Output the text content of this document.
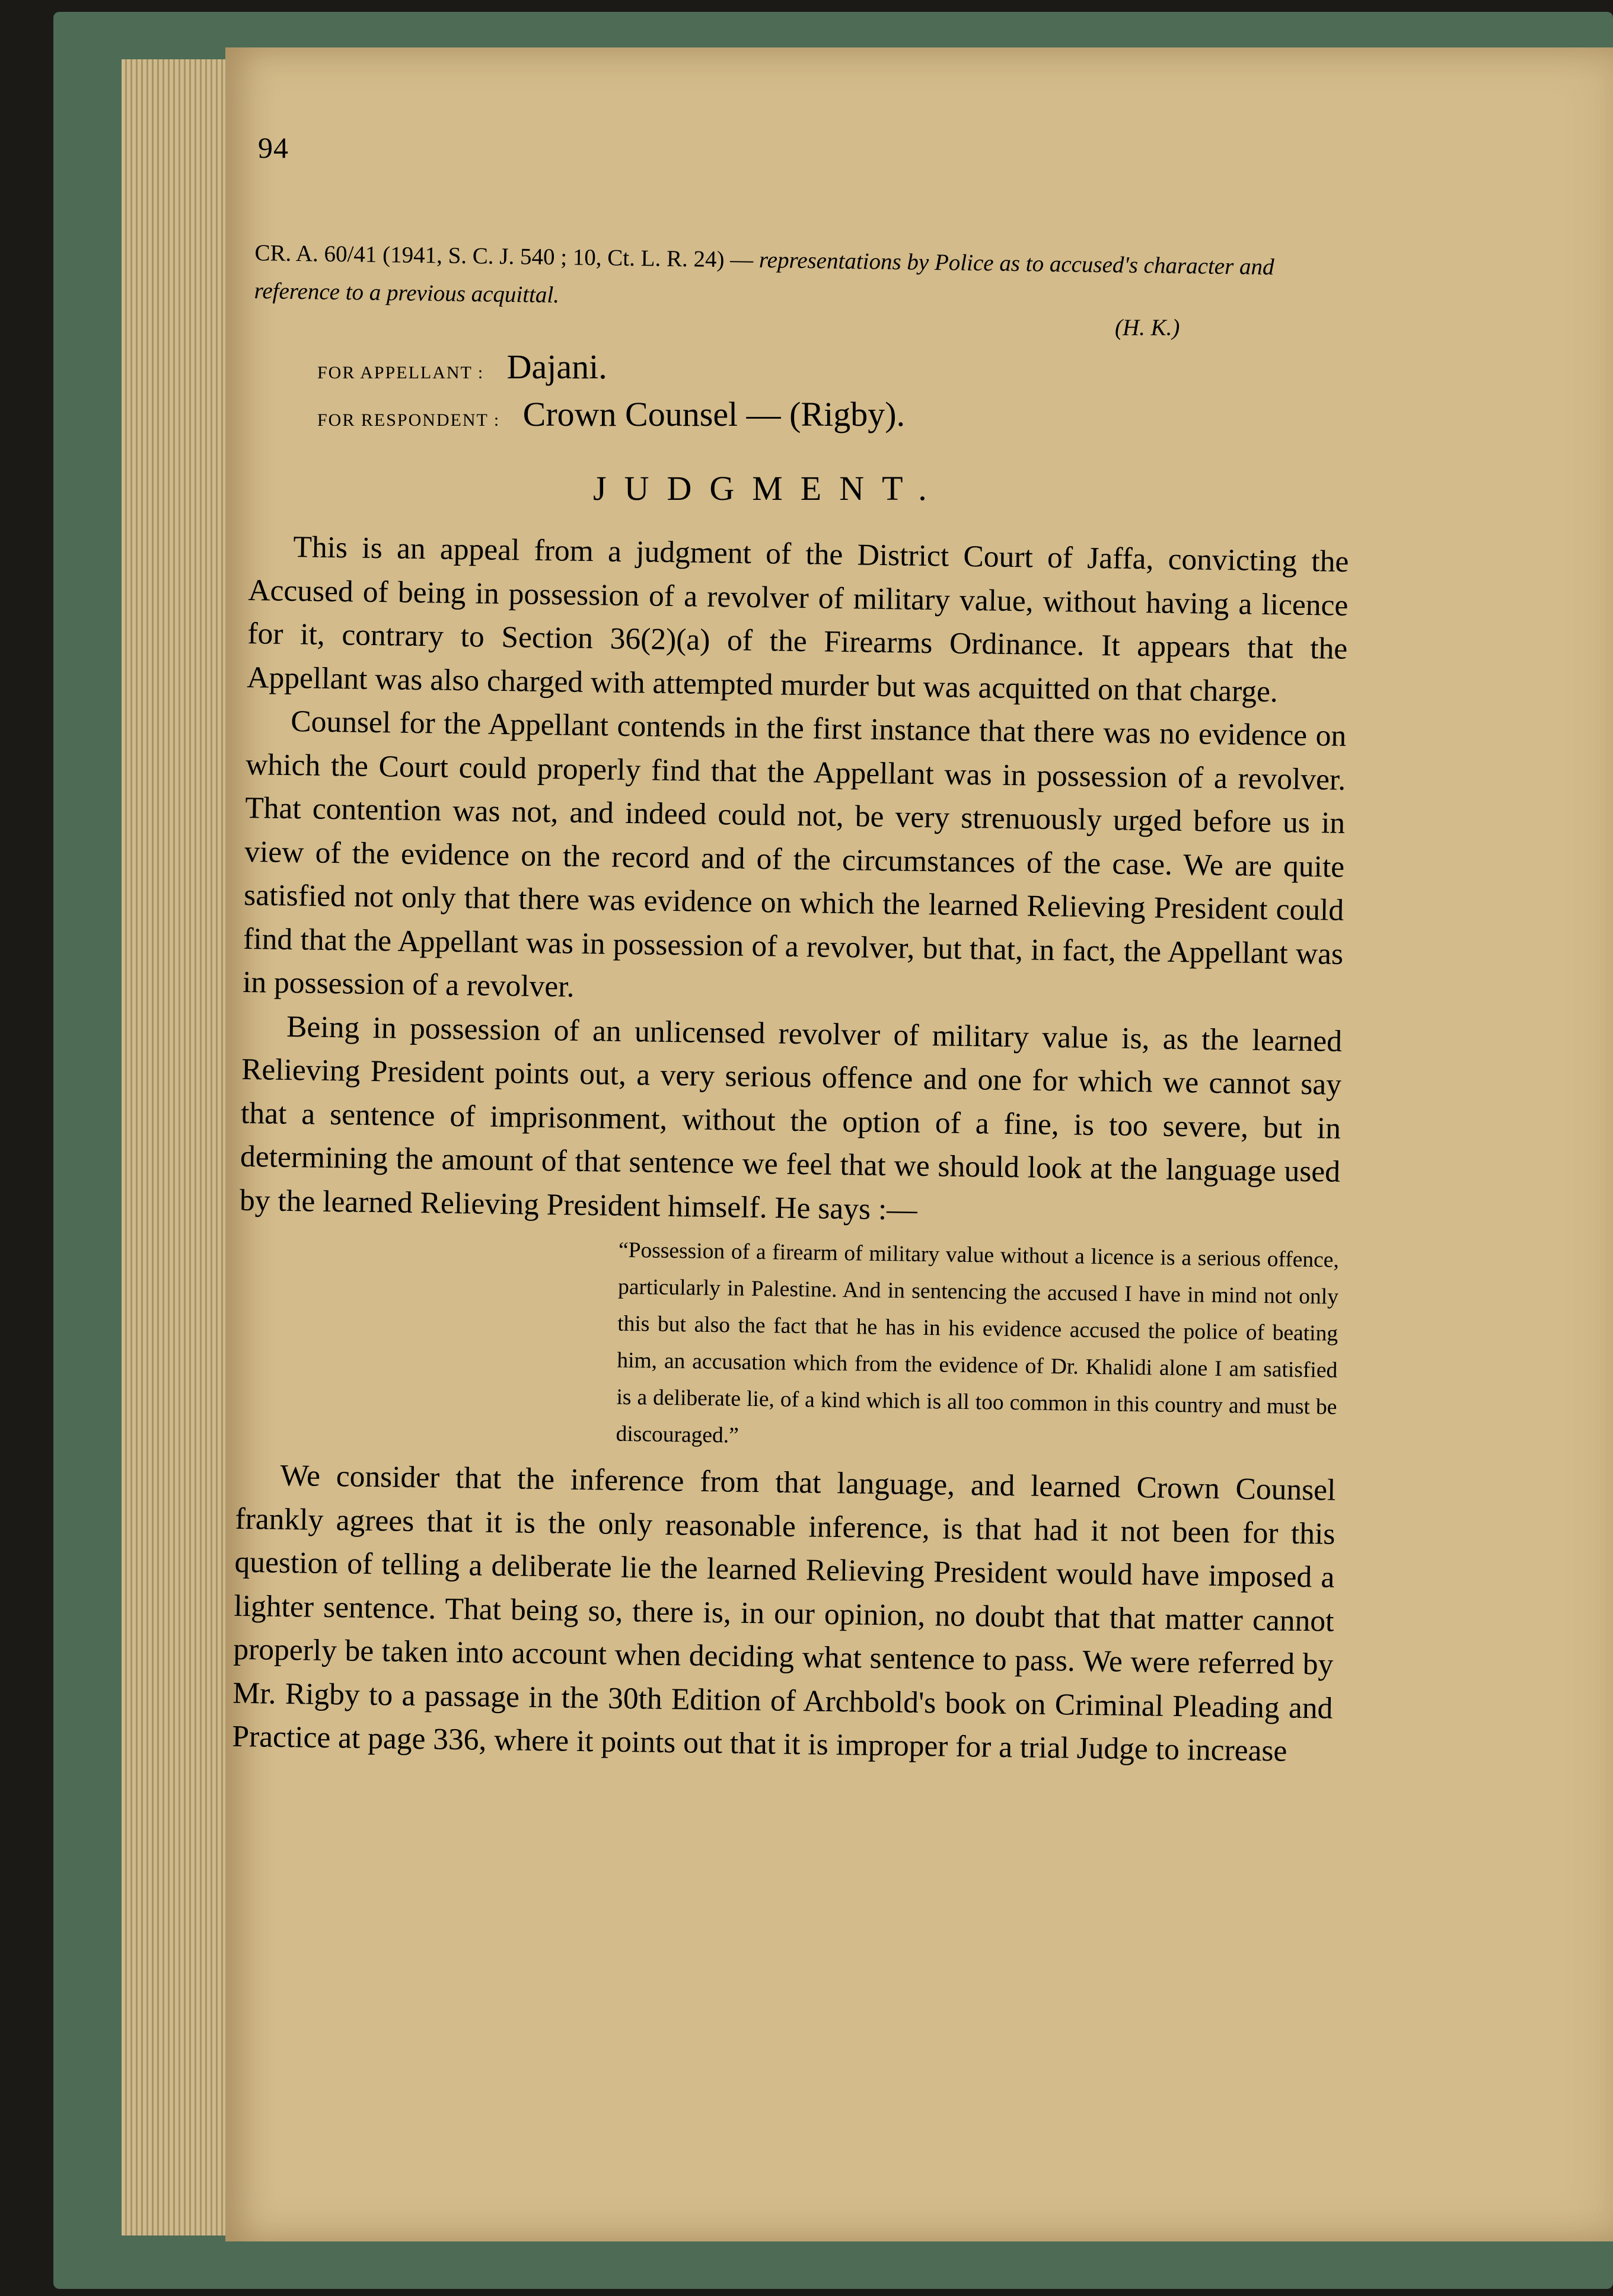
94
CR. A. 60/41 (1941, S. C. J. 540 ; 10, Ct. L. R. 24) — representations by Police as to accused's character and reference to a previous acquittal.
(H. K.)
FOR APPELLANT : Dajani.
FOR RESPONDENT : Crown Counsel — (Rigby).
JUDGMENT.

This is an appeal from a judgment of the District Court of Jaffa, convicting the Accused of being in possession of a revolver of military value, without having a licence for it, contrary to Section 36(2)(a) of the Firearms Ordinance. It appears that the Appellant was also charged with attempted murder but was acquitted on that charge.

Counsel for the Appellant contends in the first instance that there was no evidence on which the Court could properly find that the Appellant was in possession of a revolver. That contention was not, and indeed could not, be very strenuously urged before us in view of the evidence on the record and of the circumstances of the case. We are quite satisfied not only that there was evidence on which the learned Relieving President could find that the Appellant was in possession of a revolver, but that, in fact, the Appellant was in possession of a revolver.

Being in possession of an unlicensed revolver of military value is, as the learned Relieving President points out, a very serious offence and one for which we cannot say that a sentence of imprisonment, without the option of a fine, is too severe, but in determining the amount of that sentence we feel that we should look at the language used by the learned Relieving President himself. He says :—

“Possession of a firearm of military value without a licence is a serious offence, particularly in Palestine. And in sentencing the accused I have in mind not only this but also the fact that he has in his evidence accused the police of beating him, an accusation which from the evidence of Dr. Khalidi alone I am satisfied is a deliberate lie, of a kind which is all too common in this country and must be discouraged.”

We consider that the inference from that language, and learned Crown Counsel frankly agrees that it is the only reasonable inference, is that had it not been for this question of telling a deliberate lie the learned Relieving President would have imposed a lighter sentence. That being so, there is, in our opinion, no doubt that that matter cannot properly be taken into account when deciding what sentence to pass. We were referred by Mr. Rigby to a passage in the 30th Edition of Archbold's book on Criminal Pleading and Practice at page 336, where it points out that it is improper for a trial Judge to increase
